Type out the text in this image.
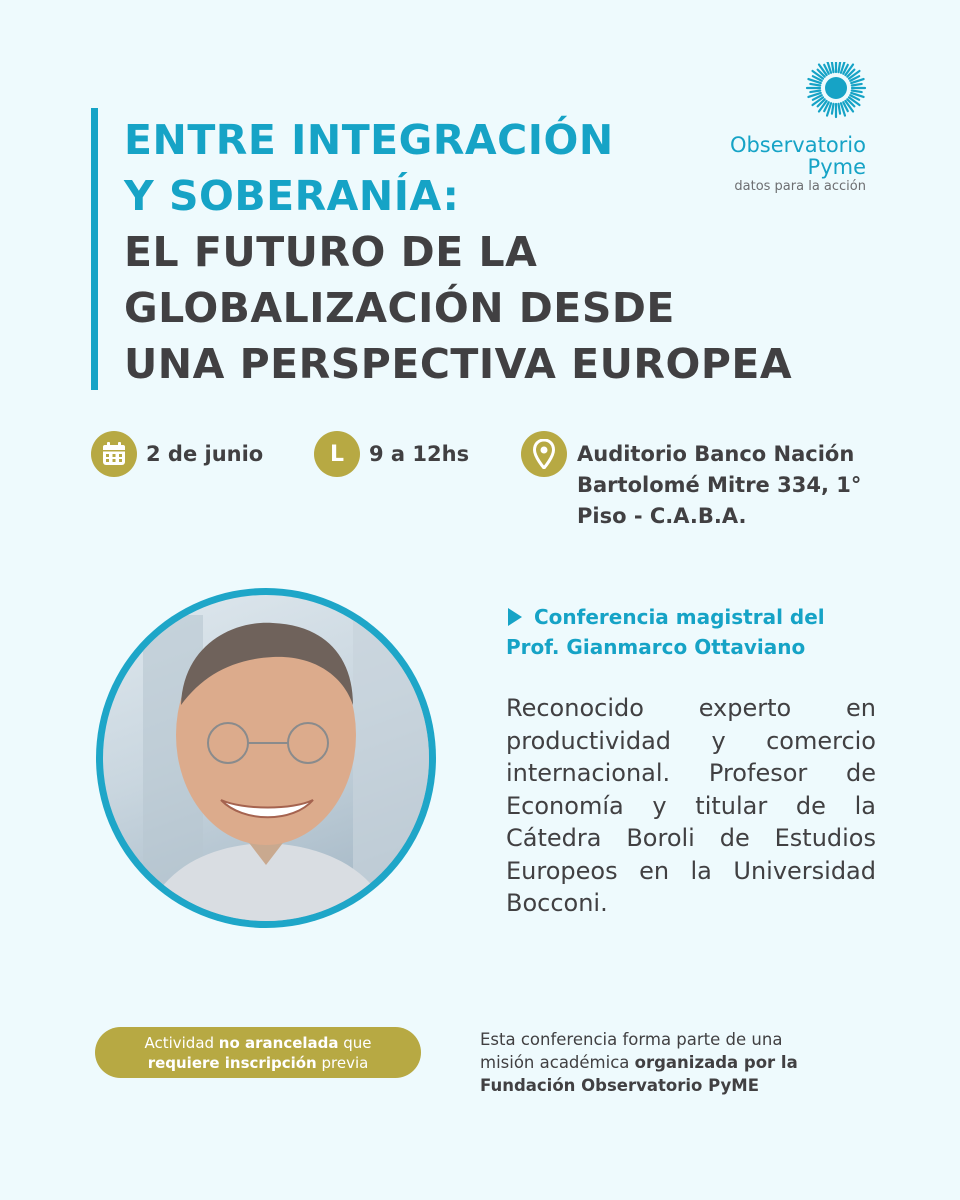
ENTRE INTEGRACIÓN
Y SOBERANÍA:
EL FUTURO DE LA
GLOBALIZACIÓN DESDE
UNA PERSPECTIVA EUROPEA
Observatorio
Pyme
datos para la acción
2 de junio	L 9 a 12hs	Auditorio Banco Nación
Bartolomé Mitre 334, 1°
Piso - C.A.B.A.
Conferencia magistral del
Prof. Gianmarco Ottaviano
Reconocido experto en
productividad y comercio
internacional. Profesor de
Economía y titular de la
Cátedra Boroli de Estudios
Europeos en la Universidad
Bocconi.
Actividad no arancelada que
requiere inscripción previa
Esta conferencia forma parte de una
misión académica organizada por la
Fundación Observatorio PyME
